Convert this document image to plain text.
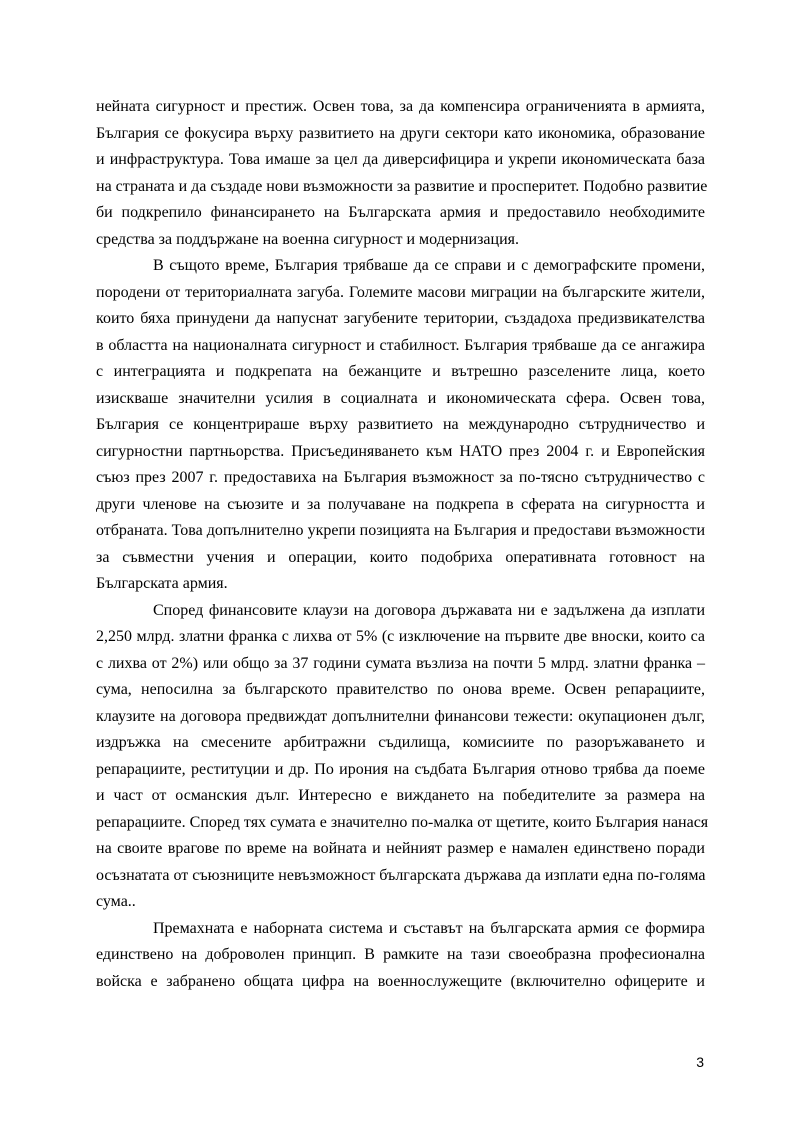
нейната сигурност и престиж. Освен това, за да компенсира ограниченията в армията,
България се фокусира върху развитието на други сектори като икономика, образование
и инфраструктура. Това имаше за цел да диверсифицира и укрепи икономическата база
на страната и да създаде нови възможности за развитие и просперитет. Подобно развитие
би подкрепило финансирането на Българската армия и предоставило необходимите
средства за поддържане на военна сигурност и модернизация.

В същото време, България трябваше да се справи и с демографските промени,
породени от териториалната загуба. Големите масови миграции на българските жители,
които бяха принудени да напуснат загубените територии, създадоха предизвикателства
в областта на националната сигурност и стабилност. България трябваше да се ангажира
с интеграцията и подкрепата на бежанците и вътрешно разселените лица, което
изискваше значителни усилия в социалната и икономическата сфера. Освен това,
България се концентрираше върху развитието на международно сътрудничество и
сигурностни партньорства. Присъединяването към НАТО през 2004 г. и Европейския
съюз през 2007 г. предоставиха на България възможност за по-тясно сътрудничество с
други членове на съюзите и за получаване на подкрепа в сферата на сигурността и
отбраната. Това допълнително укрепи позицията на България и предостави възможности
за съвместни учения и операции, които подобриха оперативната готовност на
Българската армия.

Според финансовите клаузи на договора държавата ни е задължена да изплати
2,250 млрд. златни франка с лихва от 5% (с изключение на първите две вноски, които са
с лихва от 2%) или общо за 37 години сумата възлиза на почти 5 млрд. златни франка –
сума, непосилна за българското правителство по онова време. Освен репарациите,
клаузите на договора предвиждат допълнителни финансови тежести: окупационен дълг,
издръжка на смесените арбитражни съдилища, комисиите по разоръжаването и
репарациите, реституции и др. По ирония на съдбата България отново трябва да поеме
и част от османския дълг. Интересно е виждането на победителите за размера на
репарациите. Според тях сумата е значително по-малка от щетите, които България нанася
на своите врагове по време на войната и нейният размер е намален единствено поради
осъзнатата от съюзниците невъзможност българската държава да изплати една по-голяма
сума..

Премахната е наборната система и съставът на българската армия се формира
единствено на доброволен принцип. В рамките на тази своеобразна професионална
войска е забранено общата цифра на военнослужещите (включително офицерите и

3
